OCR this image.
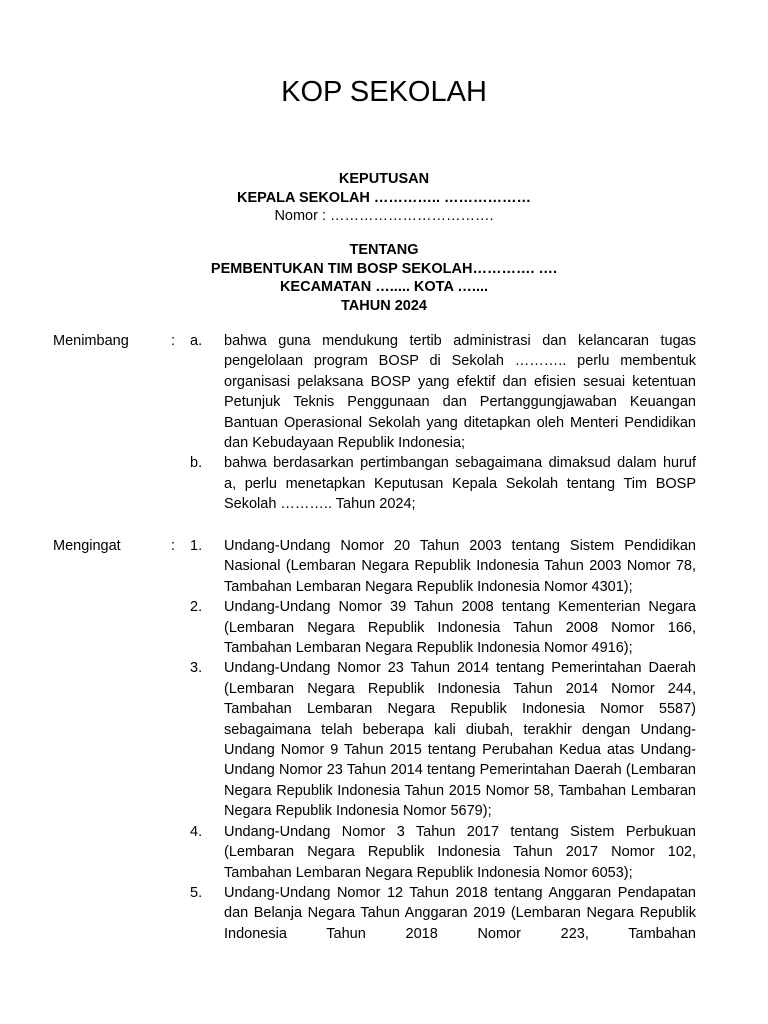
KOP SEKOLAH
KEPUTUSAN
KEPALA SEKOLAH ………….. ………………
Nomor : …………………………….
TENTANG
PEMBENTUKAN TIM BOSP SEKOLAH…………. ….
KECAMATAN …..... KOTA …....
TAHUN 2024
Menimbang	: a. bahwa guna mendukung tertib administrasi dan kelancaran tugas pengelolaan program BOSP di Sekolah ……….. perlu membentuk organisasi pelaksana BOSP yang efektif dan efisien sesuai ketentuan Petunjuk Teknis Penggunaan dan Pertanggungjawaban Keuangan Bantuan Operasional Sekolah yang ditetapkan oleh Menteri Pendidikan dan Kebudayaan Republik Indonesia;
b. bahwa berdasarkan pertimbangan sebagaimana dimaksud dalam huruf a, perlu menetapkan Keputusan Kepala Sekolah tentang Tim BOSP Sekolah ……….. Tahun 2024;
Mengingat	: 1. Undang-Undang Nomor 20 Tahun 2003 tentang Sistem Pendidikan Nasional (Lembaran Negara Republik Indonesia Tahun 2003 Nomor 78, Tambahan Lembaran Negara Republik Indonesia Nomor 4301);
2. Undang-Undang Nomor 39 Tahun 2008 tentang Kementerian Negara (Lembaran Negara Republik Indonesia Tahun 2008 Nomor 166, Tambahan Lembaran Negara Republik Indonesia Nomor 4916);
3. Undang-Undang Nomor 23 Tahun 2014 tentang Pemerintahan Daerah (Lembaran Negara Republik Indonesia Tahun 2014 Nomor 244, Tambahan Lembaran Negara Republik Indonesia Nomor 5587) sebagaimana telah beberapa kali diubah, terakhir dengan Undang-Undang Nomor 9 Tahun 2015 tentang Perubahan Kedua atas Undang-Undang Nomor 23 Tahun 2014 tentang Pemerintahan Daerah (Lembaran Negara Republik Indonesia Tahun 2015 Nomor 58, Tambahan Lembaran Negara Republik Indonesia Nomor 5679);
4. Undang-Undang Nomor 3 Tahun 2017 tentang Sistem Perbukuan (Lembaran Negara Republik Indonesia Tahun 2017 Nomor 102, Tambahan Lembaran Negara Republik Indonesia Nomor 6053);
5. Undang-Undang Nomor 12 Tahun 2018 tentang Anggaran Pendapatan dan Belanja Negara Tahun Anggaran 2019 (Lembaran Negara Republik Indonesia Tahun 2018 Nomor 223, Tambahan
